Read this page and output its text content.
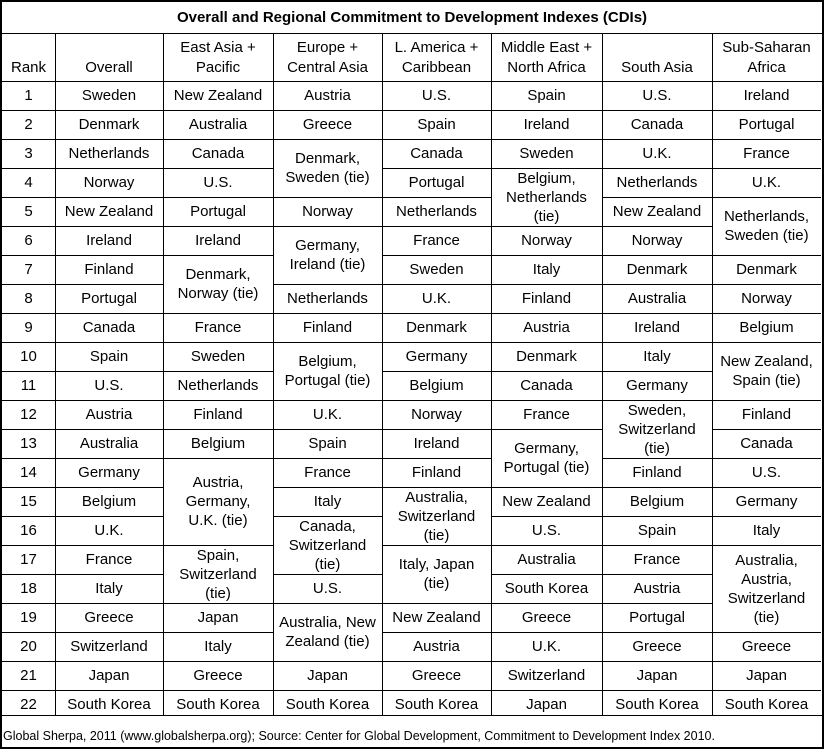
Overall and Regional Commitment to Development Indexes (CDIs)
Rank	Overall
East Asia +
Pacific
Europe +
Central Asia
L. America +
Caribbean
Middle East +
North Africa	South Asia
Sub-Saharan
Africa
1
2
3
4
5
6
7
8
9
10
11
12
13
14
15
16
17
18
19
20
21
22
Sweden
Denmark
Netherlands
Norway
New Zealand
Ireland
Finland
Portugal
Canada
Spain
U.S.
Austria
Australia
Germany
Belgium
U.K.
France
Italy
Greece
Switzerland
Japan
South Korea
New Zealand
Australia
Canada
U.S.
Portugal
Ireland
Denmark,
Norway (tie)
France
Sweden
Netherlands
Finland
Belgium
Austria,
Germany,
U.K. (tie)
Spain,
Switzerland
(tie)
Japan
Italy
Greece
South Korea
Austria
Greece
Denmark,
Sweden (tie)
Norway
Germany,
Ireland (tie)
Netherlands
Finland
Belgium,
Portugal (tie)
U.K.
Spain
France
Italy
Canada,
Switzerland
(tie)
U.S.
Australia, New
Zealand (tie)
Japan
South Korea
U.S.
Spain
Canada
Portugal
Netherlands
France
Sweden
U.K.
Denmark
Germany
Belgium
Norway
Ireland
Finland
Australia,
Switzerland
(tie)
Italy, Japan
(tie)
New Zealand
Austria
Greece
South Korea
Spain
Ireland
Sweden
Belgium,
Netherlands
(tie)
Norway
Italy
Finland
Austria
Denmark
Canada
France
Germany,
Portugal (tie)
New Zealand
U.S.
Australia
South Korea
Greece
U.K.
Switzerland
Japan
U.S.
Canada
U.K.
Netherlands
New Zealand
Norway
Denmark
Australia
Ireland
Italy
Germany
Sweden,
Switzerland
(tie)
Finland
Belgium
Spain
France
Austria
Portugal
Greece
Japan
South Korea
Ireland
Portugal
France
U.K.
Netherlands,
Sweden (tie)
Denmark
Norway
Belgium
New Zealand,
Spain (tie)
Finland
Canada
U.S.
Germany
Italy
Australia,
Austria,
Switzerland
(tie)
Greece
Japan
South Korea
Global Sherpa, 2011 (www.globalsherpa.org); Source: Center for Global Development, Commitment to Development Index 2010.
